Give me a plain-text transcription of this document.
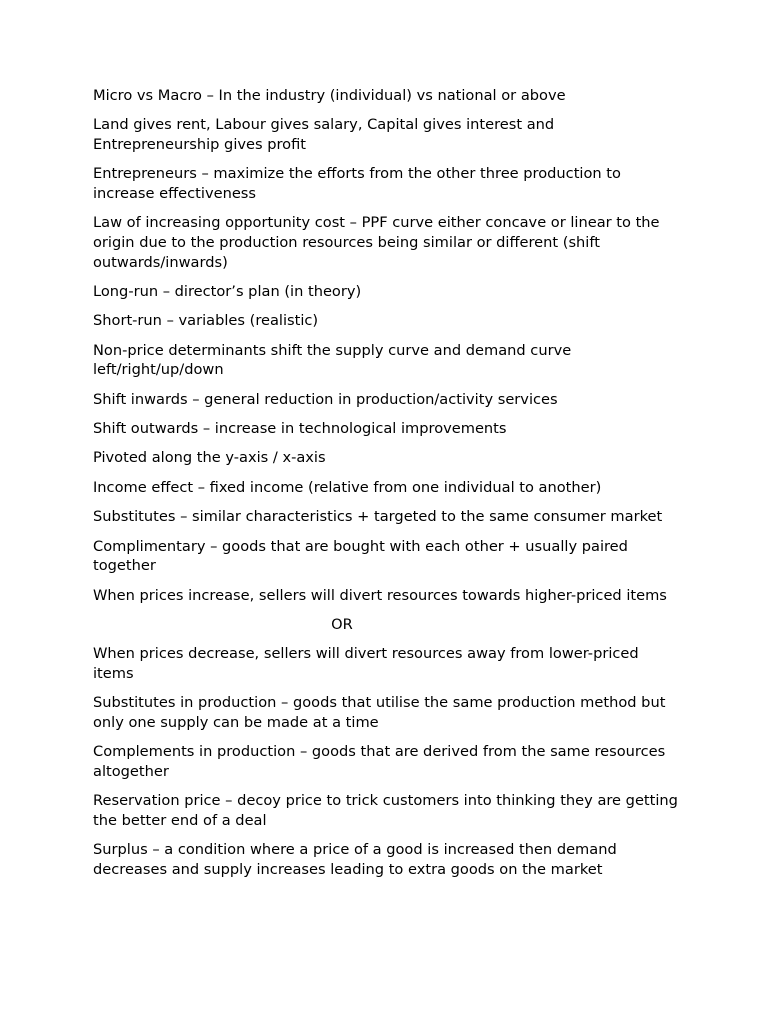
Micro vs Macro – In the industry (individual) vs national or above

Land gives rent, Labour gives salary, Capital gives interest and Entrepreneurship gives profit

Entrepreneurs – maximize the efforts from the other three production to increase effectiveness

Law of increasing opportunity cost – PPF curve either concave or linear to the origin due to the production resources being similar or different (shift outwards/inwards)

Long-run – director’s plan (in theory)

Short-run – variables (realistic)

Non-price determinants shift the supply curve and demand curve left/right/up/down

Shift inwards – general reduction in production/activity services

Shift outwards – increase in technological improvements

Pivoted along the y-axis / x-axis

Income effect – fixed income (relative from one individual to another)

Substitutes – similar characteristics + targeted to the same consumer market

Complimentary – goods that are bought with each other + usually paired together

When prices increase, sellers will divert resources towards higher-priced items

OR

When prices decrease, sellers will divert resources away from lower-priced items

Substitutes in production – goods that utilise the same production method but only one supply can be made at a time

Complements in production – goods that are derived from the same resources altogether

Reservation price – decoy price to trick customers into thinking they are getting the better end of a deal

Surplus – a condition where a price of a good is increased then demand decreases and supply increases leading to extra goods on the market
